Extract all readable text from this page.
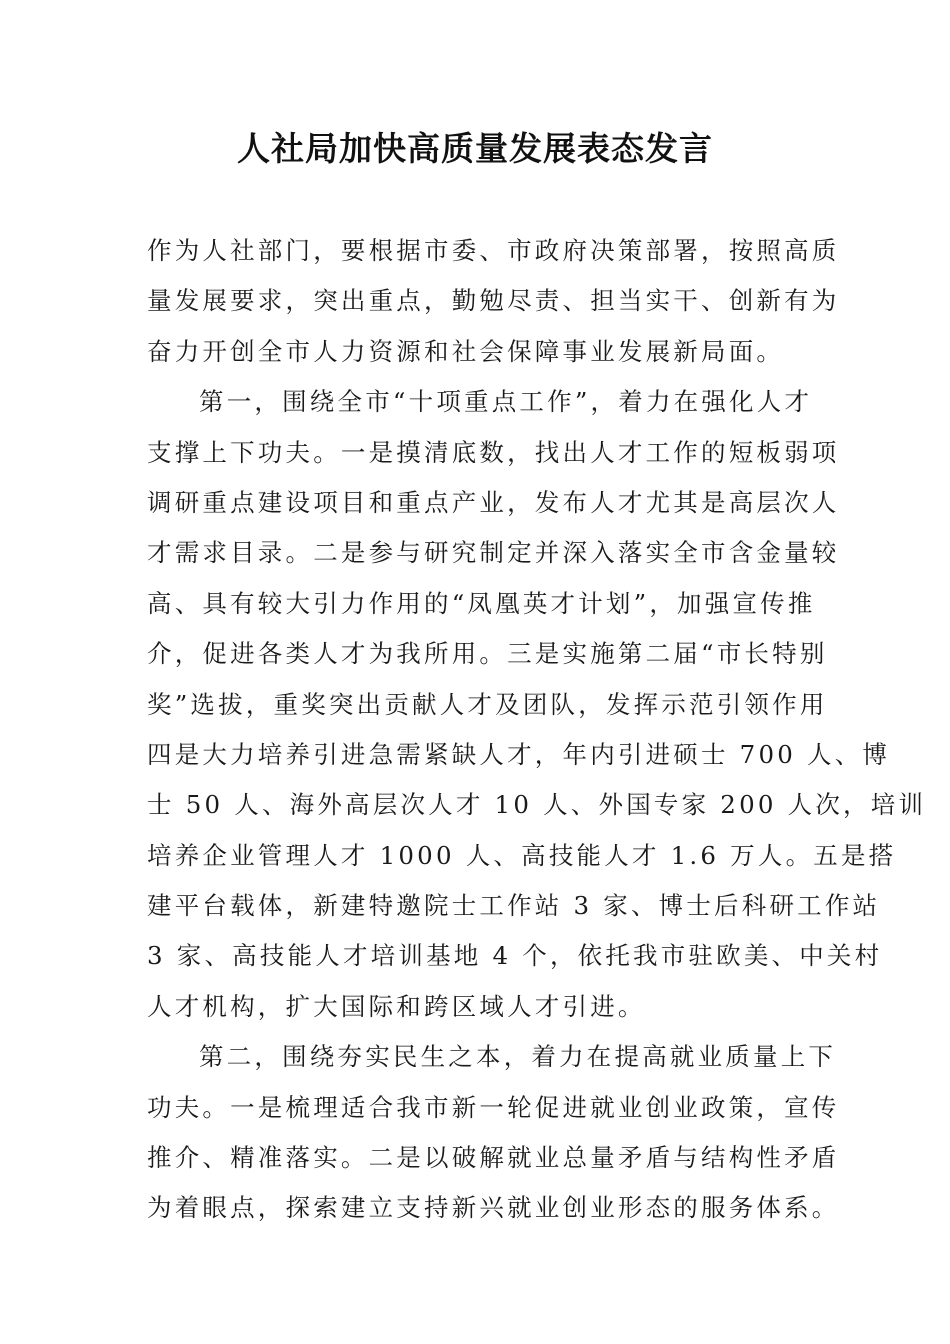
人社局加快高质量发展表态发言

作为人社部门，要根据市委、市政府决策部署，按照高质
量发展要求，突出重点，勤勉尽责、担当实干、创新有为
奋力开创全市人力资源和社会保障事业发展新局面。

第一，围绕全市“十项重点工作”，着力在强化人才
支撑上下功夫。一是摸清底数，找出人才工作的短板弱项
调研重点建设项目和重点产业，发布人才尤其是高层次人
才需求目录。二是参与研究制定并深入落实全市含金量较
高、具有较大引力作用的“凤凰英才计划”，加强宣传推
介，促进各类人才为我所用。三是实施第二届“市长特别
奖”选拔，重奖突出贡献人才及团队，发挥示范引领作用
四是大力培养引进急需紧缺人才，年内引进硕士 700 人、博
士 50 人、海外高层次人才 10 人、外国专家 200 人次，培训
培养企业管理人才 1000 人、高技能人才 1.6 万人。五是搭
建平台载体，新建特邀院士工作站 3 家、博士后科研工作站
3 家、高技能人才培训基地 4 个，依托我市驻欧美、中关村
人才机构，扩大国际和跨区域人才引进。

第二，围绕夯实民生之本，着力在提高就业质量上下
功夫。一是梳理适合我市新一轮促进就业创业政策，宣传
推介、精准落实。二是以破解就业总量矛盾与结构性矛盾
为着眼点，探索建立支持新兴就业创业形态的服务体系。
